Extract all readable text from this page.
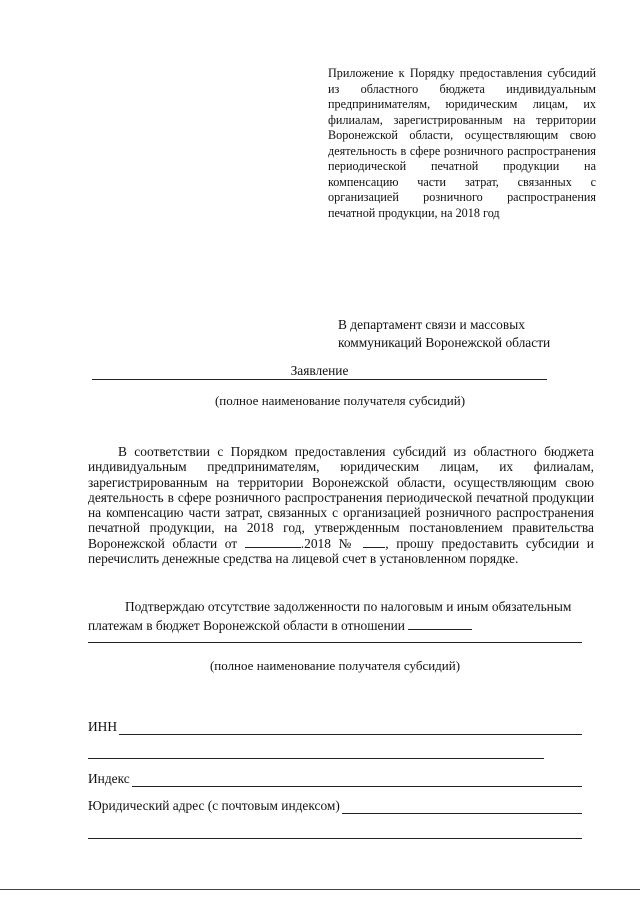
Приложение к Порядку предоставления субсидий из областного бюджета индивидуальным предпринимателям, юридическим лицам, их филиалам, зарегистрированным на территории Воронежской области, осуществляющим свою деятельность в сфере розничного распространения периодической печатной продукции на компенсацию части затрат, связанных с организацией розничного распространения печатной продукции, на 2018 год
В департамент связи и массовых
коммуникаций Воронежской области
Заявление
(полное наименование получателя субсидий)

В соответствии с Порядком предоставления субсидий из областного бюджета индивидуальным предпринимателям, юридическим лицам, их филиалам, зарегистрированным на территории Воронежской области, осуществляющим свою деятельность в сфере розничного распространения периодической печатной продукции на компенсацию части затрат, связанных с организацией розничного распространения печатной продукции, на 2018 год, утвержденным постановлением правительства Воронежской области от	.2018 № , прошу предоставить субсидии и перечислить денежные средства на лицевой счет в установленном порядке.

Подтверждаю отсутствие задолженности по налоговым и иным обязательным платежам в бюджет Воронежской области в отношении
(полное наименование получателя субсидий)
ИНН
Индекс
Юридический адрес (с почтовым индексом)
